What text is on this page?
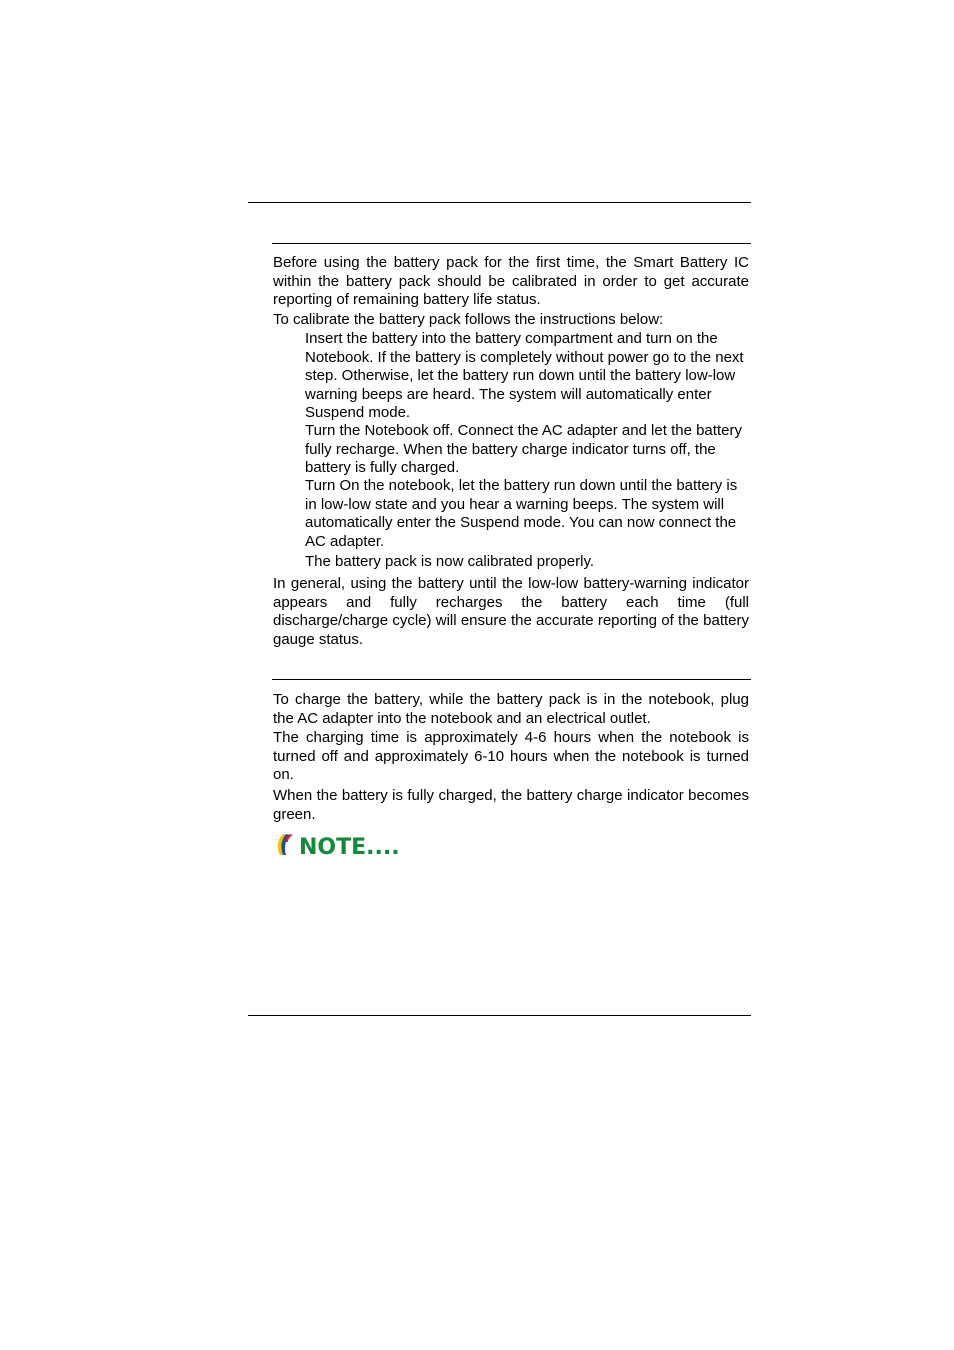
Before using the battery pack for the first time, the Smart Battery IC within the battery pack should be calibrated in order to get accurate reporting of remaining battery life status.
To calibrate the battery pack follows the instructions below:
Insert the battery into the battery compartment and turn on the Notebook. If the battery is completely without power go to the next step. Otherwise, let the battery run down until the battery low-low warning beeps are heard. The system will automatically enter Suspend mode.
Turn the Notebook off. Connect the AC adapter and let the battery fully recharge. When the battery charge indicator turns off, the battery is fully charged.
Turn On the notebook, let the battery run down until the battery is in low-low state and you hear a warning beeps. The system will automatically enter the Suspend mode. You can now connect the AC adapter.
The battery pack is now calibrated properly.
In general, using the battery until the low-low battery-warning indicator appears and fully recharges the battery each time (full discharge/charge cycle) will ensure the accurate reporting of the battery gauge status.
To charge the battery, while the battery pack is in the notebook, plug the AC adapter into the notebook and an electrical outlet.
The charging time is approximately 4-6 hours when the notebook is turned off and approximately 6-10 hours when the notebook is turned on.
When the battery is fully charged, the battery charge indicator becomes green.
NOTE....
